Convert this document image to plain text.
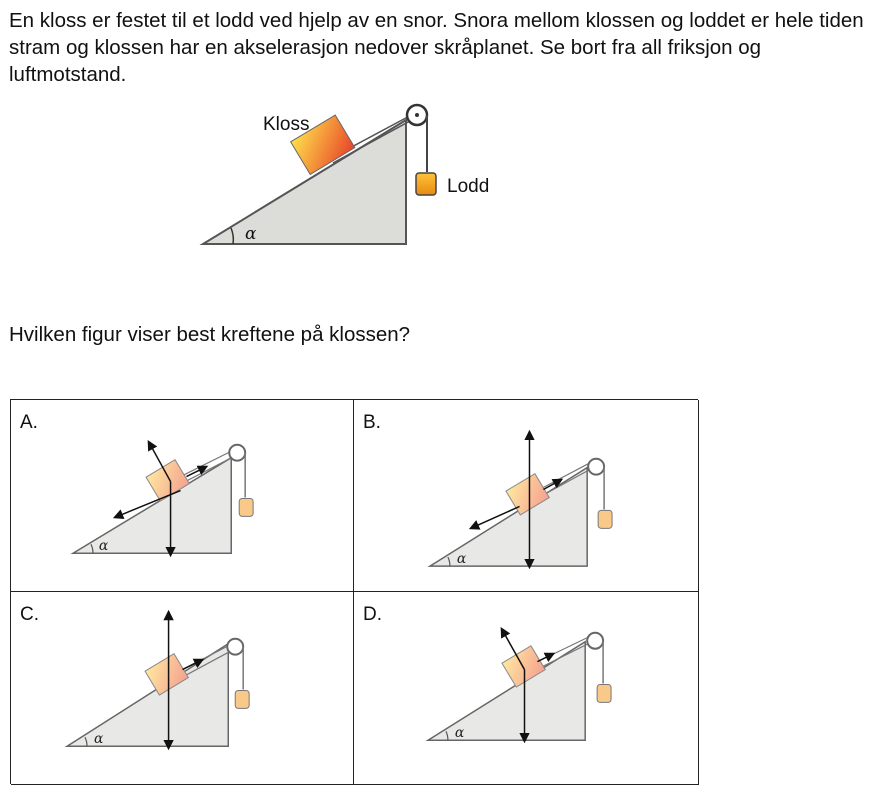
En kloss er festet til et lodd ved hjelp av en snor. Snora mellom klossen og loddet er hele tiden stram og klossen har en akselerasjon nedover skråplanet. Se bort fra all friksjon og luftmotstand.

Kloss
Lodd
α

Hvilken figur viser best kreftene på klossen?

A.
α
B.
α
C.
α
D.
α
